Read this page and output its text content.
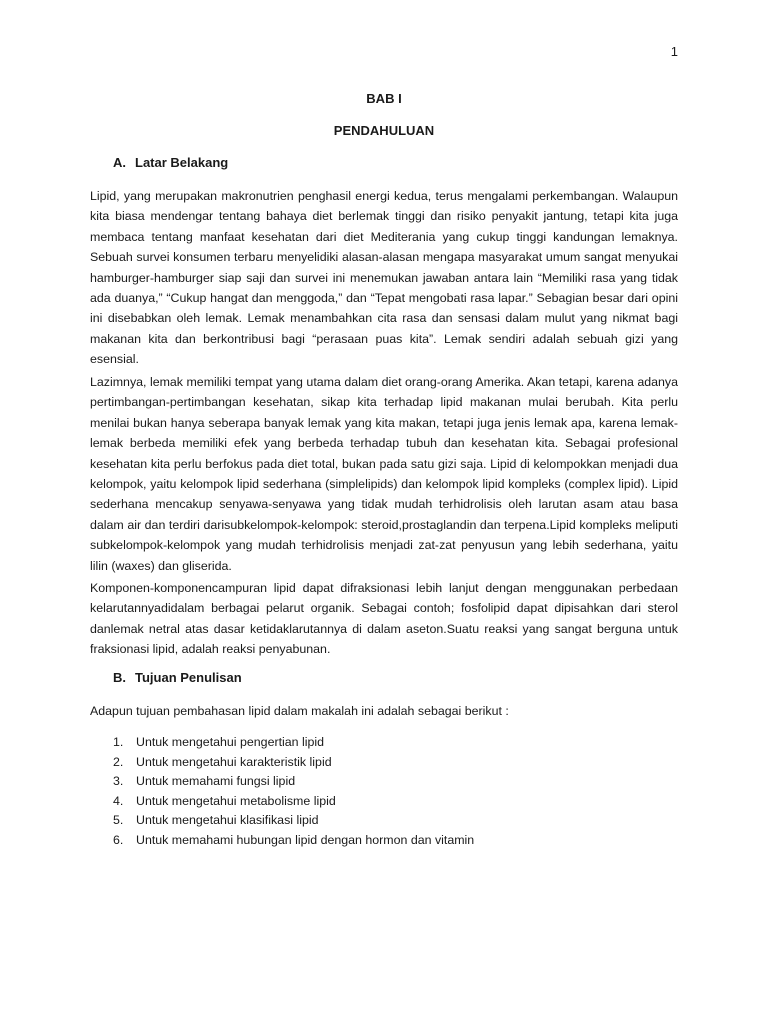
1
BAB I
PENDAHULUAN
A. Latar Belakang

Lipid, yang merupakan makronutrien penghasil energi kedua, terus mengalami perkembangan. Walaupun kita biasa mendengar tentang bahaya diet berlemak tinggi dan risiko penyakit jantung, tetapi kita juga membaca tentang manfaat kesehatan dari diet Mediterania yang cukup tinggi kandungan lemaknya. Sebuah survei konsumen terbaru menyelidiki alasan-alasan mengapa masyarakat umum sangat menyukai hamburger-hamburger siap saji dan survei ini menemukan jawaban antara lain “Memiliki rasa yang tidak ada duanya,” “Cukup hangat dan menggoda,” dan “Tepat mengobati rasa lapar.” Sebagian besar dari opini ini disebabkan oleh lemak. Lemak menambahkan cita rasa dan sensasi dalam mulut yang nikmat bagi makanan kita dan berkontribusi bagi “perasaan puas kita”. Lemak sendiri adalah sebuah gizi yang esensial.

Lazimnya, lemak memiliki tempat yang utama dalam diet orang-orang Amerika. Akan tetapi, karena adanya pertimbangan-pertimbangan kesehatan, sikap kita terhadap lipid makanan mulai berubah. Kita perlu menilai bukan hanya seberapa banyak lemak yang kita makan, tetapi juga jenis lemak apa, karena lemak-lemak berbeda memiliki efek yang berbeda terhadap tubuh dan kesehatan kita. Sebagai profesional kesehatan kita perlu berfokus pada diet total, bukan pada satu gizi saja. Lipid di kelompokkan menjadi dua kelompok, yaitu kelompok lipid sederhana (simplelipids) dan kelompok lipid kompleks (complex lipid). Lipid sederhana mencakup senyawa-senyawa yang tidak mudah terhidrolisis oleh larutan asam atau basa dalam air dan terdiri darisubkelompok-kelompok: steroid,prostaglandin dan terpena.Lipid kompleks meliputi subkelompok-kelompok yang mudah terhidrolisis menjadi zat-zat penyusun yang lebih sederhana, yaitu lilin (waxes) dan gliserida.

Komponen-komponencampuran lipid dapat difraksionasi lebih lanjut dengan menggunakan perbedaan kelarutannyadidalam berbagai pelarut organik. Sebagai contoh; fosfolipid dapat dipisahkan dari sterol danlemak netral atas dasar ketidaklarutannya di dalam aseton.Suatu reaksi yang sangat berguna untuk fraksionasi lipid, adalah reaksi penyabunan.

B. Tujuan Penulisan

Adapun tujuan pembahasan lipid dalam makalah ini adalah sebagai berikut :

1. Untuk mengetahui pengertian lipid
2. Untuk mengetahui karakteristik lipid
3. Untuk memahami fungsi lipid
4. Untuk mengetahui metabolisme lipid
5. Untuk mengetahui klasifikasi lipid
6. Untuk memahami hubungan lipid dengan hormon dan vitamin
